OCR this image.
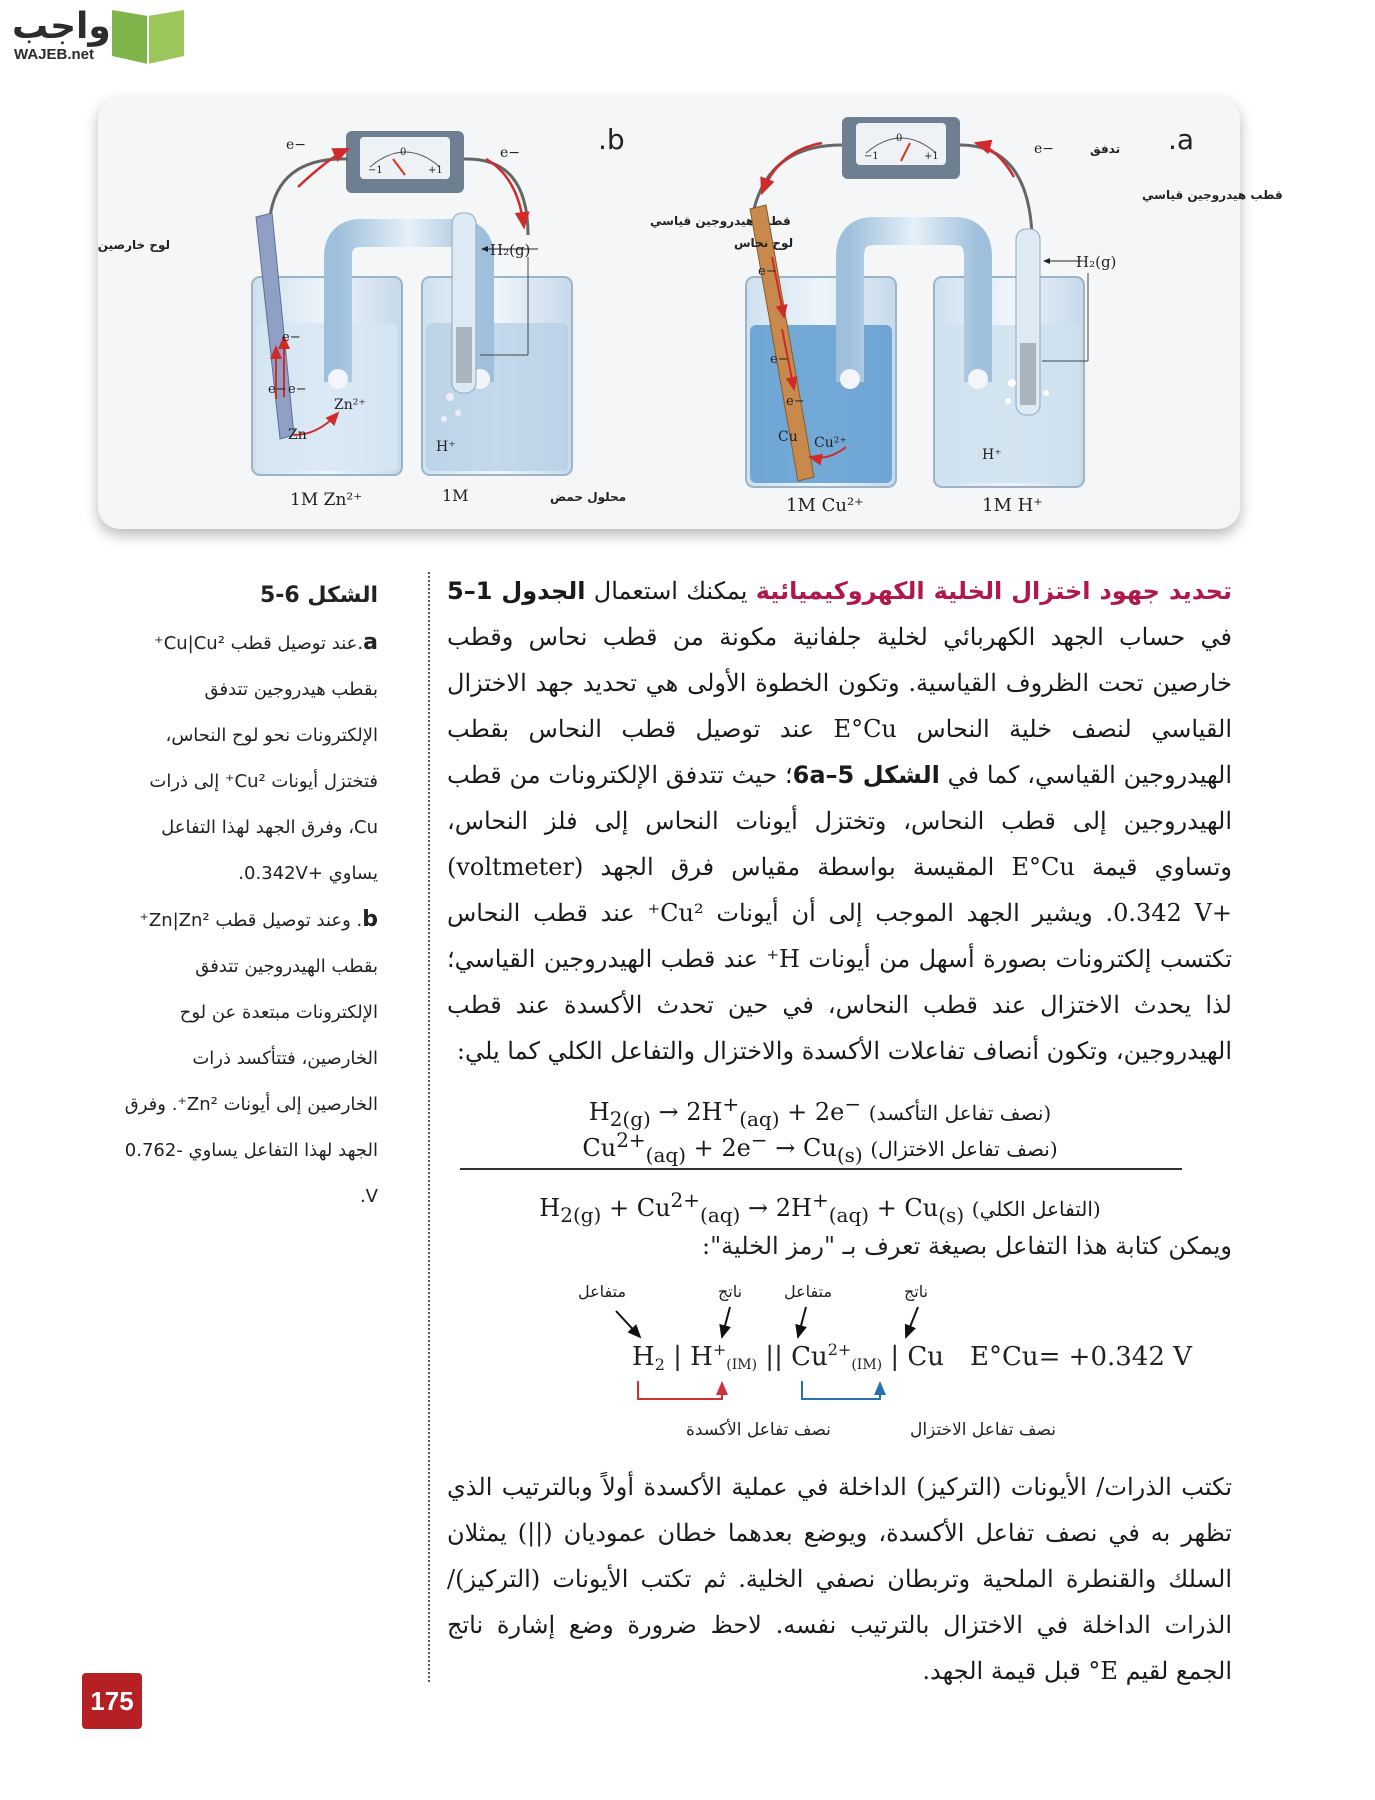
واجب
WAJEB.net
.b
−1
0
+1
e−	e−
e−
e− e−
Zn
Zn²⁺
H₂(g)
H⁺
لوح خارصين
قطب هيدروجين قياسي
1M Zn²⁺	1M	محلول حمض
.a
−1
0
+1	e−	تدفق
e−
e−
e−
Cu Cu²⁺
H₂(g)
H⁺
قطب هيدروجين قياسي
لوح نحاس
1M Cu²⁺	1M H⁺
الشكل 6-5
a.عند توصيل قطب Cu|Cu²⁺ بقطب هيدروجين تتدفق الإلكترونات نحو لوح النحاس، فتختزل أيونات Cu²⁺ إلى ذرات Cu، وفرق الجهد لهذا التفاعل يساوي +0.342V.
b. وعند توصيل قطب Zn|Zn²⁺ بقطب الهيدروجين تتدفق الإلكترونات مبتعدة عن لوح الخارصين، فتتأكسد ذرات الخارصين إلى أيونات Zn²⁺. وفرق الجهد لهذا التفاعل يساوي -0.762 V.
تحديد جهود اختزال الخلية الكهروكيميائية يمكنك استعمال الجدول 1–5 في حساب الجهد الكهربائي لخلية جلفانية مكونة من قطب نحاس وقطب خارصين تحت الظروف القياسية. وتكون الخطوة الأولى هي تحديد جهد الاختزال القياسي لنصف خلية النحاس E°Cu عند توصيل قطب النحاس بقطب الهيدروجين القياسي، كما في الشكل 5–6a؛ حيث تتدفق الإلكترونات من قطب الهيدروجين إلى قطب النحاس، وتختزل أيونات النحاس إلى فلز النحاس، وتساوي قيمة E°Cu المقيسة بواسطة مقياس فرق الجهد (voltmeter) +0.342 V. ويشير الجهد الموجب إلى أن أيونات Cu²⁺ عند قطب النحاس تكتسب إلكترونات بصورة أسهل من أيونات H⁺ عند قطب الهيدروجين القياسي؛ لذا يحدث الاختزال عند قطب النحاس، في حين تحدث الأكسدة عند قطب الهيدروجين، وتكون أنصاف تفاعلات الأكسدة والاختزال والتفاعل الكلي كما يلي:
$H_{2(g)} \to 2H^+_{(aq)} + 2e^-$ (نصف تفاعل التأكسد)
$Cu^{2+}_{(aq)} + 2e^- \to Cu_{(s)}$ (نصف تفاعل الاختزال)
$H_{2(g)} + Cu^{2+}_{(aq)} \to 2H^+_{(aq)} + Cu_{(s)}$ (التفاعل الكلي)
ويمكن كتابة هذا التفاعل بصيغة تعرف بـ "رمز الخلية":
متفاعل	ناتج	متفاعل	ناتج
H2 | $H^+_{(IM)}$ || $Cu^{2+}_{(IM)}$ | Cu E°Cu= +0.342 V
نصف تفاعل الأكسدة	نصف تفاعل الاختزال
تكتب الذرات/ الأيونات (التركيز) الداخلة في عملية الأكسدة أولاً وبالترتيب الذي تظهر به في نصف تفاعل الأكسدة، ويوضع بعدهما خطان عموديان (||) يمثلان السلك والقنطرة الملحية وتربطان نصفي الخلية. ثم تكتب الأيونات (التركيز)/ الذرات الداخلة في الاختزال بالترتيب نفسه. لاحظ ضرورة وضع إشارة ناتج الجمع لقيم E° قبل قيمة الجهد.
175
